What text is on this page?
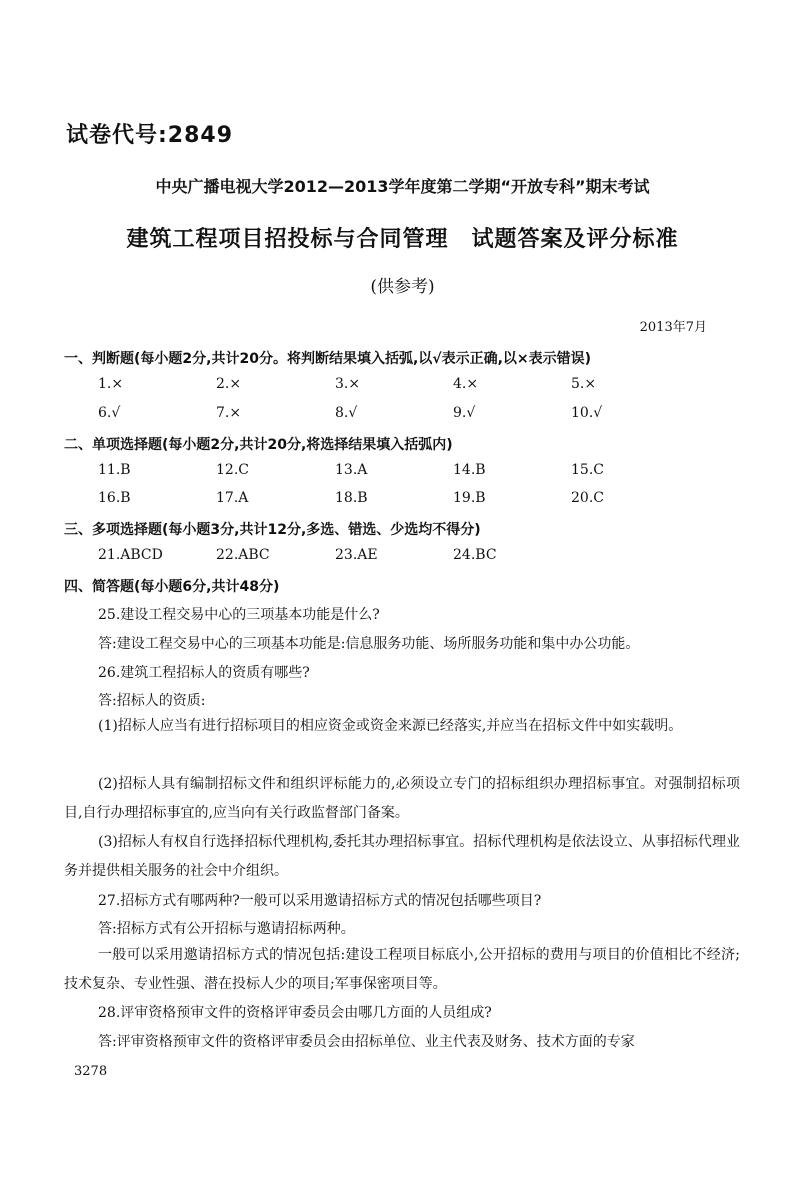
试卷代号:2849
中央广播电视大学2012—2013学年度第二学期“开放专科”期末考试
建筑工程项目招投标与合同管理　试题答案及评分标准
(供参考)
2013年7月
一、判断题(每小题2分,共计20分。将判断结果填入括弧,以√表示正确,以×表示错误)
1.×	2.×	3.×	4.×	5.×
6.√	7.×	8.√	9.√	10.√
二、单项选择题(每小题2分,共计20分,将选择结果填入括弧内)
11.B	12.C	13.A	14.B	15.C
16.B	17.A	18.B	19.B	20.C
三、多项选择题(每小题3分,共计12分,多选、错选、少选均不得分)
21.ABCD	22.ABC	23.AE	24.BC
四、简答题(每小题6分,共计48分)
25.建设工程交易中心的三项基本功能是什么?
答:建设工程交易中心的三项基本功能是:信息服务功能、场所服务功能和集中办公功能。
26.建筑工程招标人的资质有哪些?
答:招标人的资质:
(1)招标人应当有进行招标项目的相应资金或资金来源已经落实,并应当在招标文件中如实载明。
(2)招标人具有编制招标文件和组织评标能力的,必须设立专门的招标组织办理招标事宜。对强制招标项目,自行办理招标事宜的,应当向有关行政监督部门备案。
(3)招标人有权自行选择招标代理机构,委托其办理招标事宜。招标代理机构是依法设立、从事招标代理业务并提供相关服务的社会中介组织。
27.招标方式有哪两种?一般可以采用邀请招标方式的情况包括哪些项目?
答:招标方式有公开招标与邀请招标两种。
一般可以采用邀请招标方式的情况包括:建设工程项目标底小,公开招标的费用与项目的价值相比不经济;技术复杂、专业性强、潜在投标人少的项目;军事保密项目等。
28.评审资格预审文件的资格评审委员会由哪几方面的人员组成?
答:评审资格预审文件的资格评审委员会由招标单位、业主代表及财务、技术方面的专家
3278
